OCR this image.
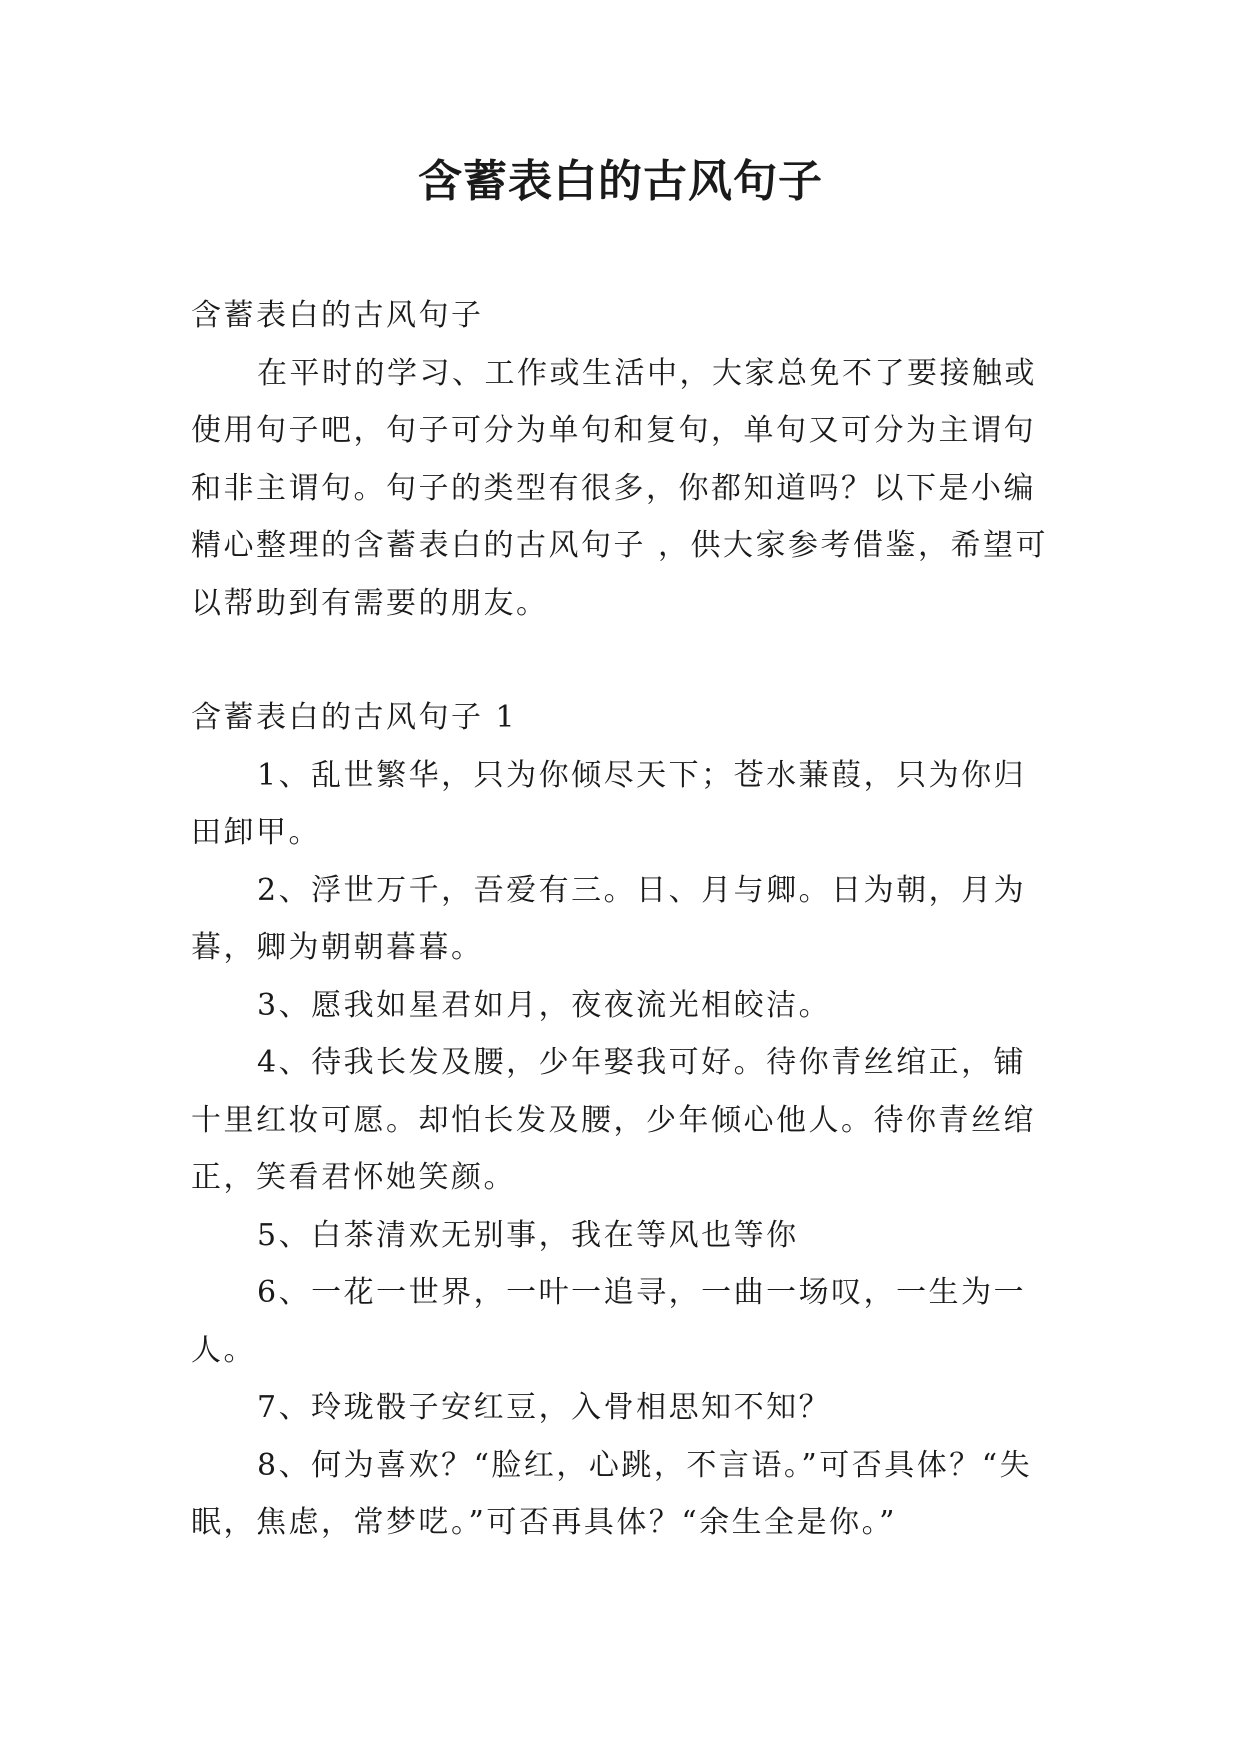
含蓄表白的古风句子

含蓄表白的古风句子

在平时的学习、工作或生活中，大家总免不了要接触或使用句子吧，句子可分为单句和复句，单句又可分为主谓句和非主谓句。句子的类型有很多，你都知道吗？以下是小编精心整理的含蓄表白的古风句子 ，供大家参考借鉴，希望可以帮助到有需要的朋友。

含蓄表白的古风句子 1

1、乱世繁华，只为你倾尽天下；苍水蒹葭，只为你归田卸甲。

2、浮世万千，吾爱有三。日、月与卿。日为朝，月为暮，卿为朝朝暮暮。

3、愿我如星君如月，夜夜流光相皎洁。

4、待我长发及腰，少年娶我可好。待你青丝绾正，铺十里红妆可愿。却怕长发及腰，少年倾心他人。待你青丝绾正，笑看君怀她笑颜。

5、白茶清欢无别事，我在等风也等你

6、一花一世界，一叶一追寻，一曲一场叹，一生为一人。

7、玲珑骰子安红豆，入骨相思知不知？

8、何为喜欢？“脸红，心跳，不言语。”可否具体？“失眠，焦虑，常梦呓。”可否再具体？“余生全是你。”
